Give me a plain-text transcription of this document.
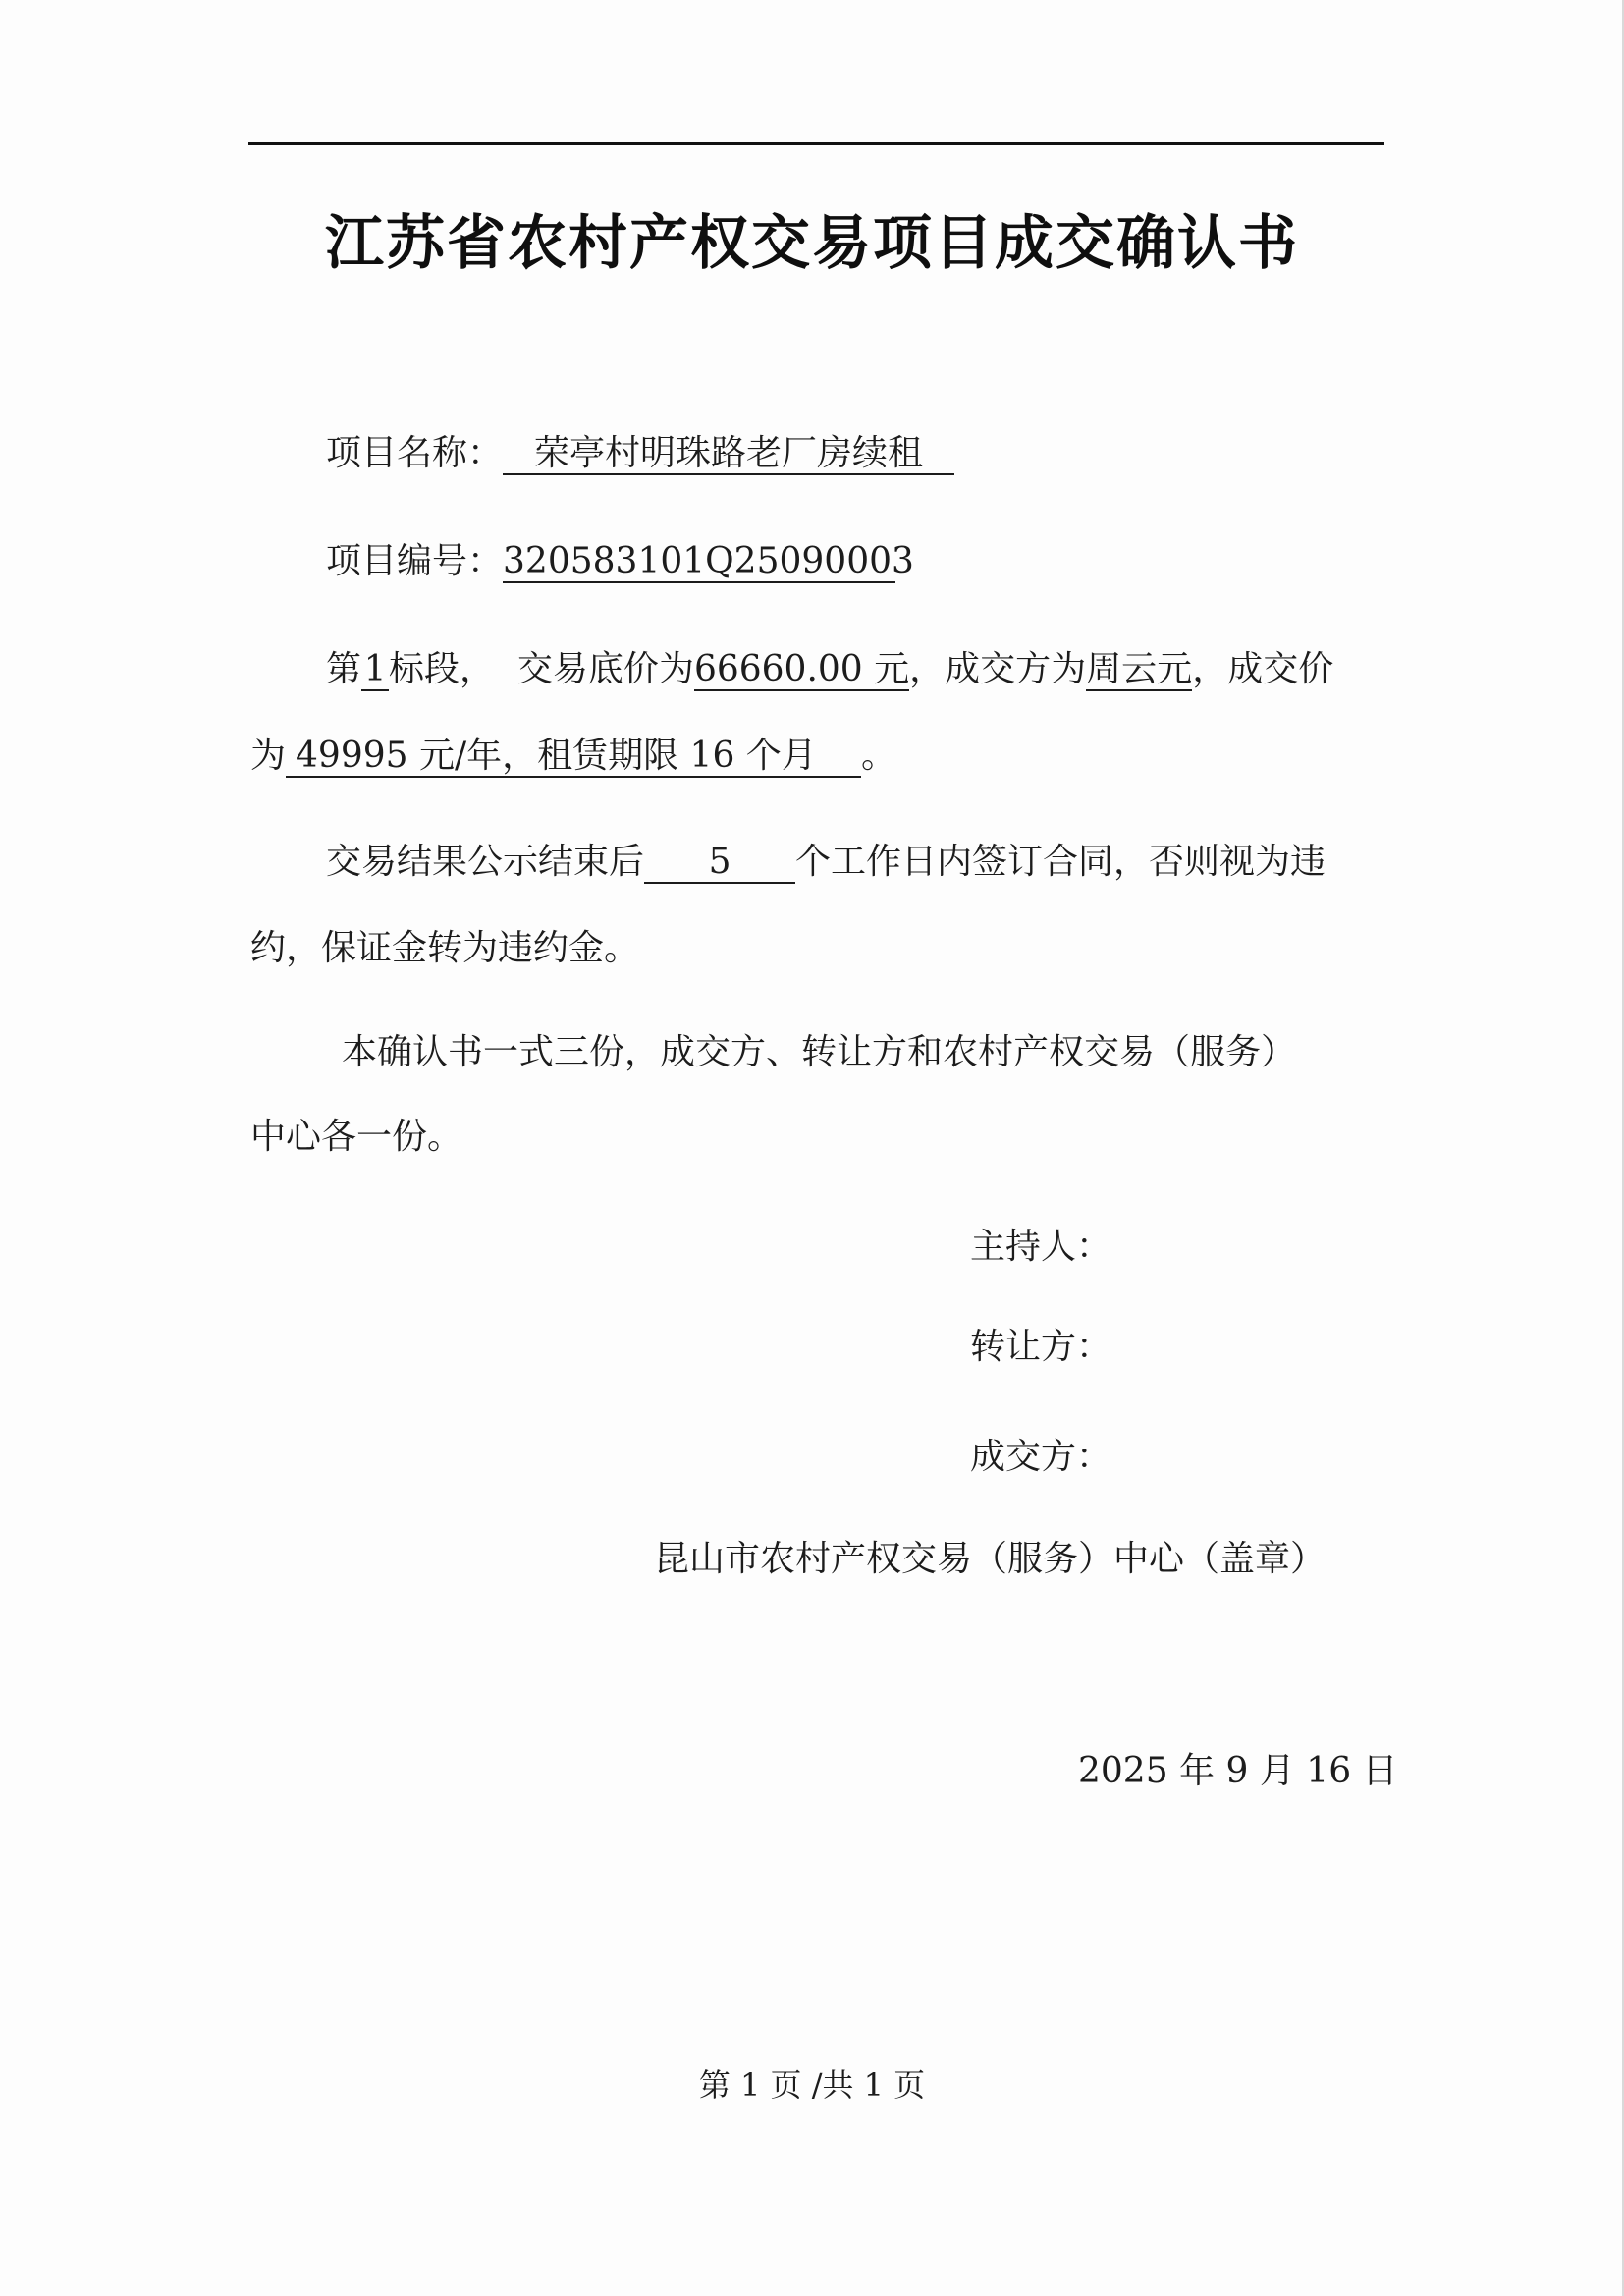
江苏省农村产权交易项目成交确认书
项目名称： 荣亭村明珠路老厂房续租
项目编号：320583101Q25090003
第1标段， 交易底价为66660.00 元，成交方为周云元，成交价
为 49995 元/年，租赁期限 16 个月 。
交易结果公示结束后 5 个工作日内签订合同，否则视为违
约，保证金转为违约金。
本确认书一式三份，成交方、转让方和农村产权交易（服务）
中心各一份。
主持人：
转让方：
成交方：
昆山市农村产权交易（服务）中心（盖章）
2025 年 9 月 16 日
第 1 页 /共 1 页
